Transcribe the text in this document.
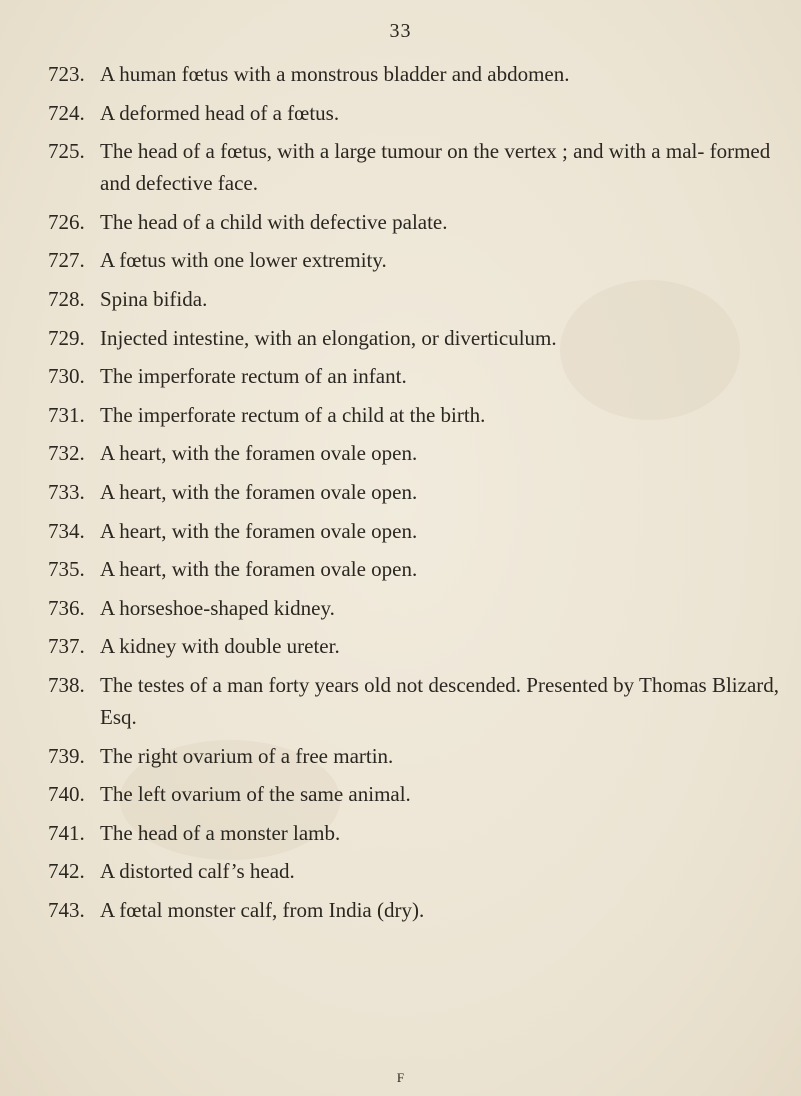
33
723. A human fœtus with a monstrous bladder and abdomen.
724. A deformed head of a fœtus.
725. The head of a fœtus, with a large tumour on the vertex ; and with a mal- formed and defective face.
726. The head of a child with defective palate.
727. A fœtus with one lower extremity.
728. Spina bifida.
729. Injected intestine, with an elongation, or diverticulum.
730. The imperforate rectum of an infant.
731. The imperforate rectum of a child at the birth.
732. A heart, with the foramen ovale open.
733. A heart, with the foramen ovale open.
734. A heart, with the foramen ovale open.
735. A heart, with the foramen ovale open.
736. A horseshoe-shaped kidney.
737. A kidney with double ureter.
738. The testes of a man forty years old not descended. Presented by Thomas Blizard, Esq.
739. The right ovarium of a free martin.
740. The left ovarium of the same animal.
741. The head of a monster lamb.
742. A distorted calf’s head.
743. A fœtal monster calf, from India (dry).
F
